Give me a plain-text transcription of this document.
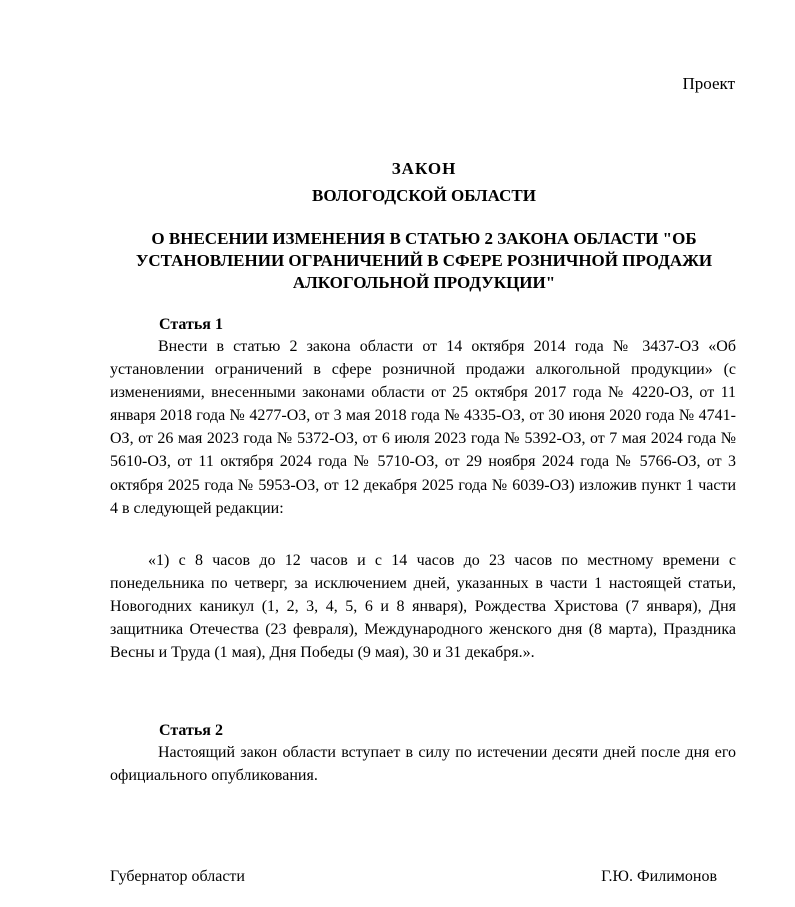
Проект
ЗАКОН
ВОЛОГОДСКОЙ ОБЛАСТИ
О ВНЕСЕНИИ ИЗМЕНЕНИЯ В СТАТЬЮ 2 ЗАКОНА ОБЛАСТИ "ОБ УСТАНОВЛЕНИИ ОГРАНИЧЕНИЙ В СФЕРЕ РОЗНИЧНОЙ ПРОДАЖИ АЛКОГОЛЬНОЙ ПРОДУКЦИИ"
Статья 1
Внести в статью 2 закона области от 14 октября 2014 года № 3437-ОЗ «Об установлении ограничений в сфере розничной продажи алкогольной продукции» (с изменениями, внесенными законами области от 25 октября 2017 года № 4220-ОЗ, от 11 января 2018 года № 4277-ОЗ, от 3 мая 2018 года № 4335-ОЗ, от 30 июня 2020 года № 4741-ОЗ, от 26 мая 2023 года № 5372-ОЗ, от 6 июля 2023 года № 5392-ОЗ, от 7 мая 2024 года № 5610-ОЗ, от 11 октября 2024 года № 5710-ОЗ, от 29 ноября 2024 года № 5766-ОЗ, от 3 октября 2025 года № 5953-ОЗ, от 12 декабря 2025 года № 6039-ОЗ) изложив пункт 1 части 4 в следующей редакции:
«1) с 8 часов до 12 часов и с 14 часов до 23 часов по местному времени с понедельника по четверг, за исключением дней, указанных в части 1 настоящей статьи, Новогодних каникул (1, 2, 3, 4, 5, 6 и 8 января), Рождества Христова (7 января), Дня защитника Отечества (23 февраля), Международного женского дня (8 марта), Праздника Весны и Труда (1 мая), Дня Победы (9 мая), 30 и 31 декабря.».
Статья 2
Настоящий закон области вступает в силу по истечении десяти дней после дня его официального опубликования.
Губернатор области	Г.Ю. Филимонов
